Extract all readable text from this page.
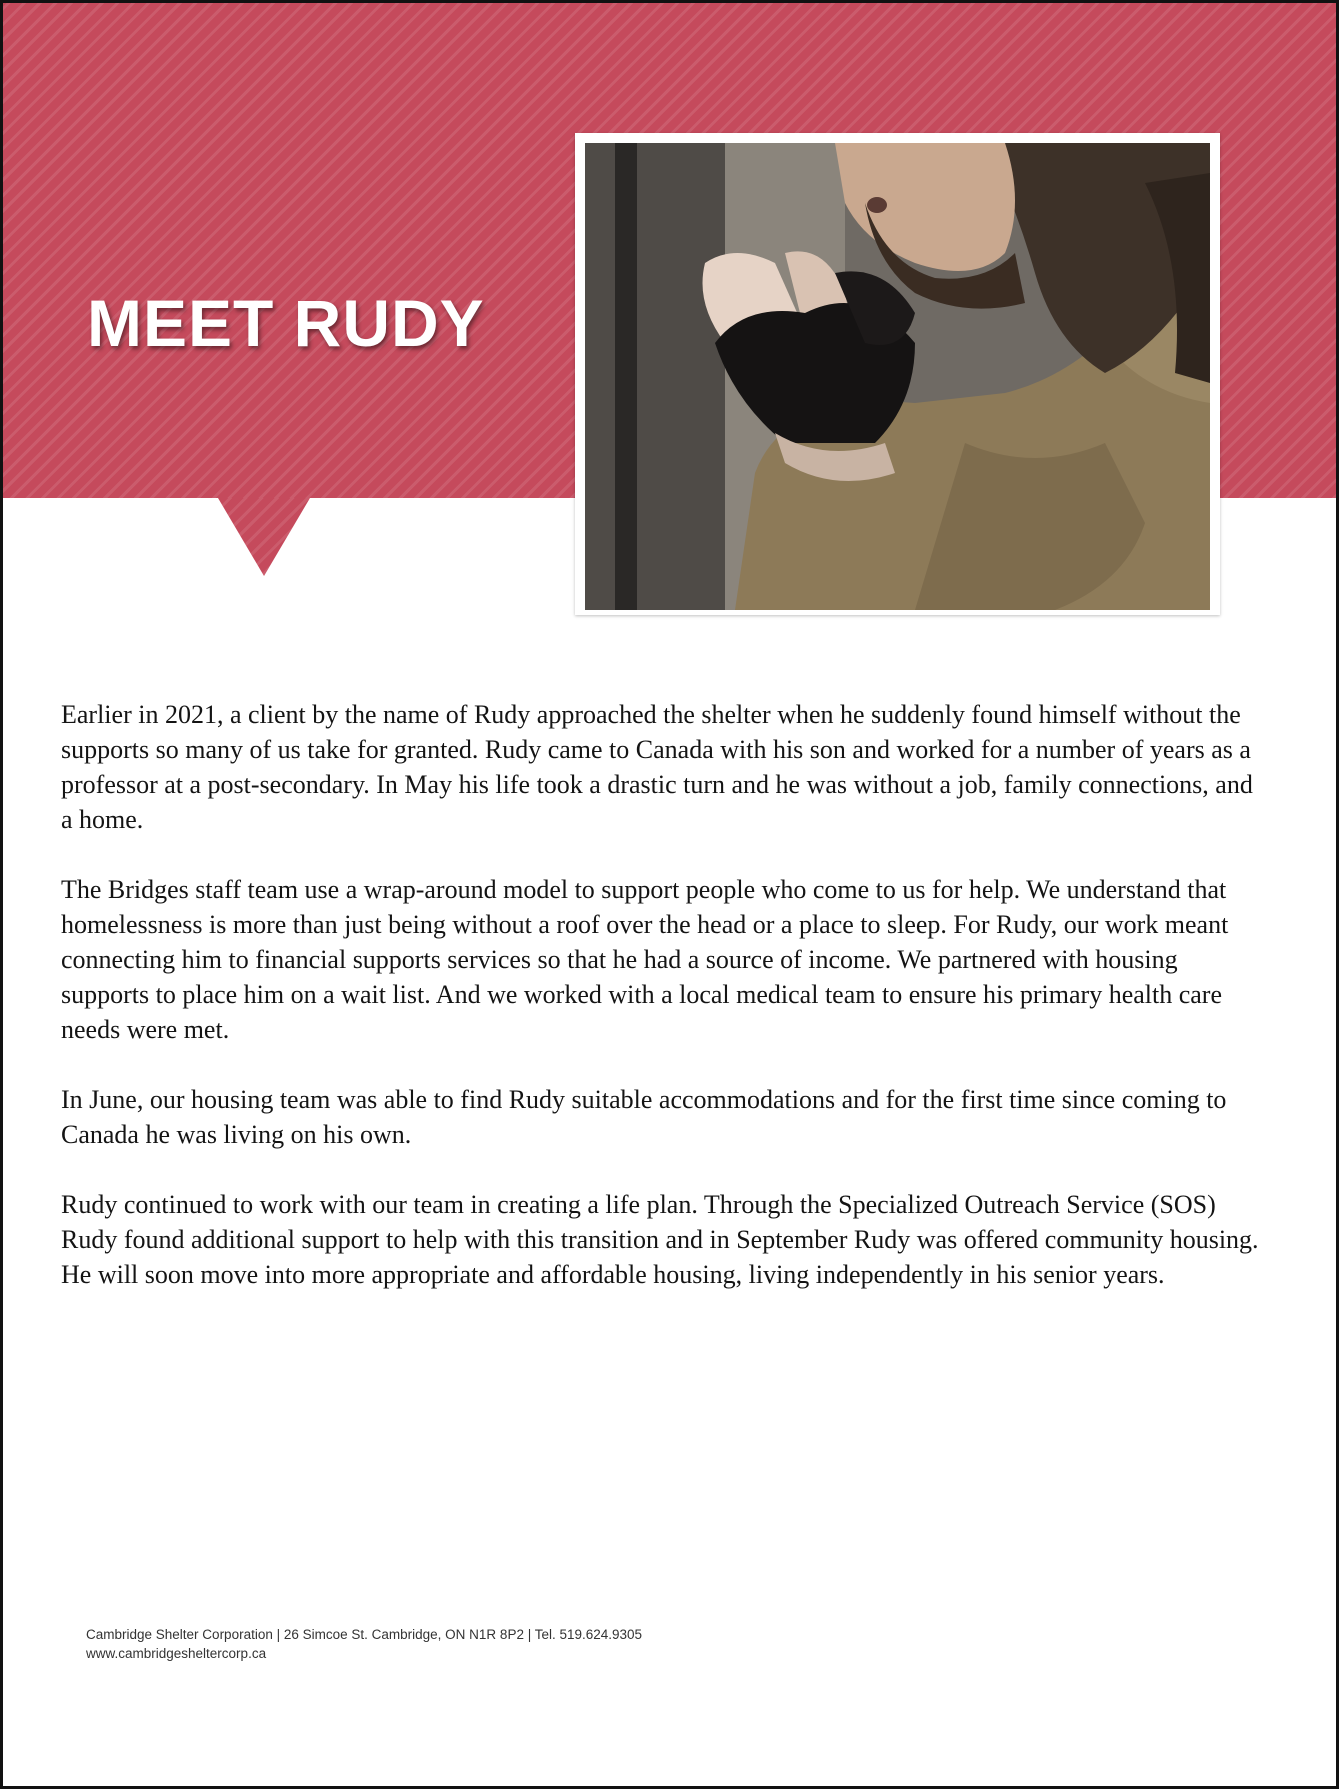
MEET RUDY

Earlier in 2021, a client by the name of Rudy approached the shelter when he suddenly found himself without the supports so many of us take for granted. Rudy came to Canada with his son and worked for a number of years as a professor at a post-secondary. In May his life took a drastic turn and he was without a job, family connections, and a home.

The Bridges staff team use a wrap-around model to support people who come to us for help. We understand that homelessness is more than just being without a roof over the head or a place to sleep. For Rudy, our work meant connecting him to financial supports services so that he had a source of income. We partnered with housing supports to place him on a wait list. And we worked with a local medical team to ensure his primary health care needs were met.

In June, our housing team was able to find Rudy suitable accommodations and for the first time since coming to Canada he was living on his own.

Rudy continued to work with our team in creating a life plan. Through the Specialized Outreach Service (SOS) Rudy found additional support to help with this transition and in September Rudy was offered community housing. He will soon move into more appropriate and affordable housing, living independently in his senior years.

Cambridge Shelter Corporation | 26 Simcoe St. Cambridge, ON N1R 8P2 | Tel. 519.624.9305
www.cambridgesheltercorp.ca
